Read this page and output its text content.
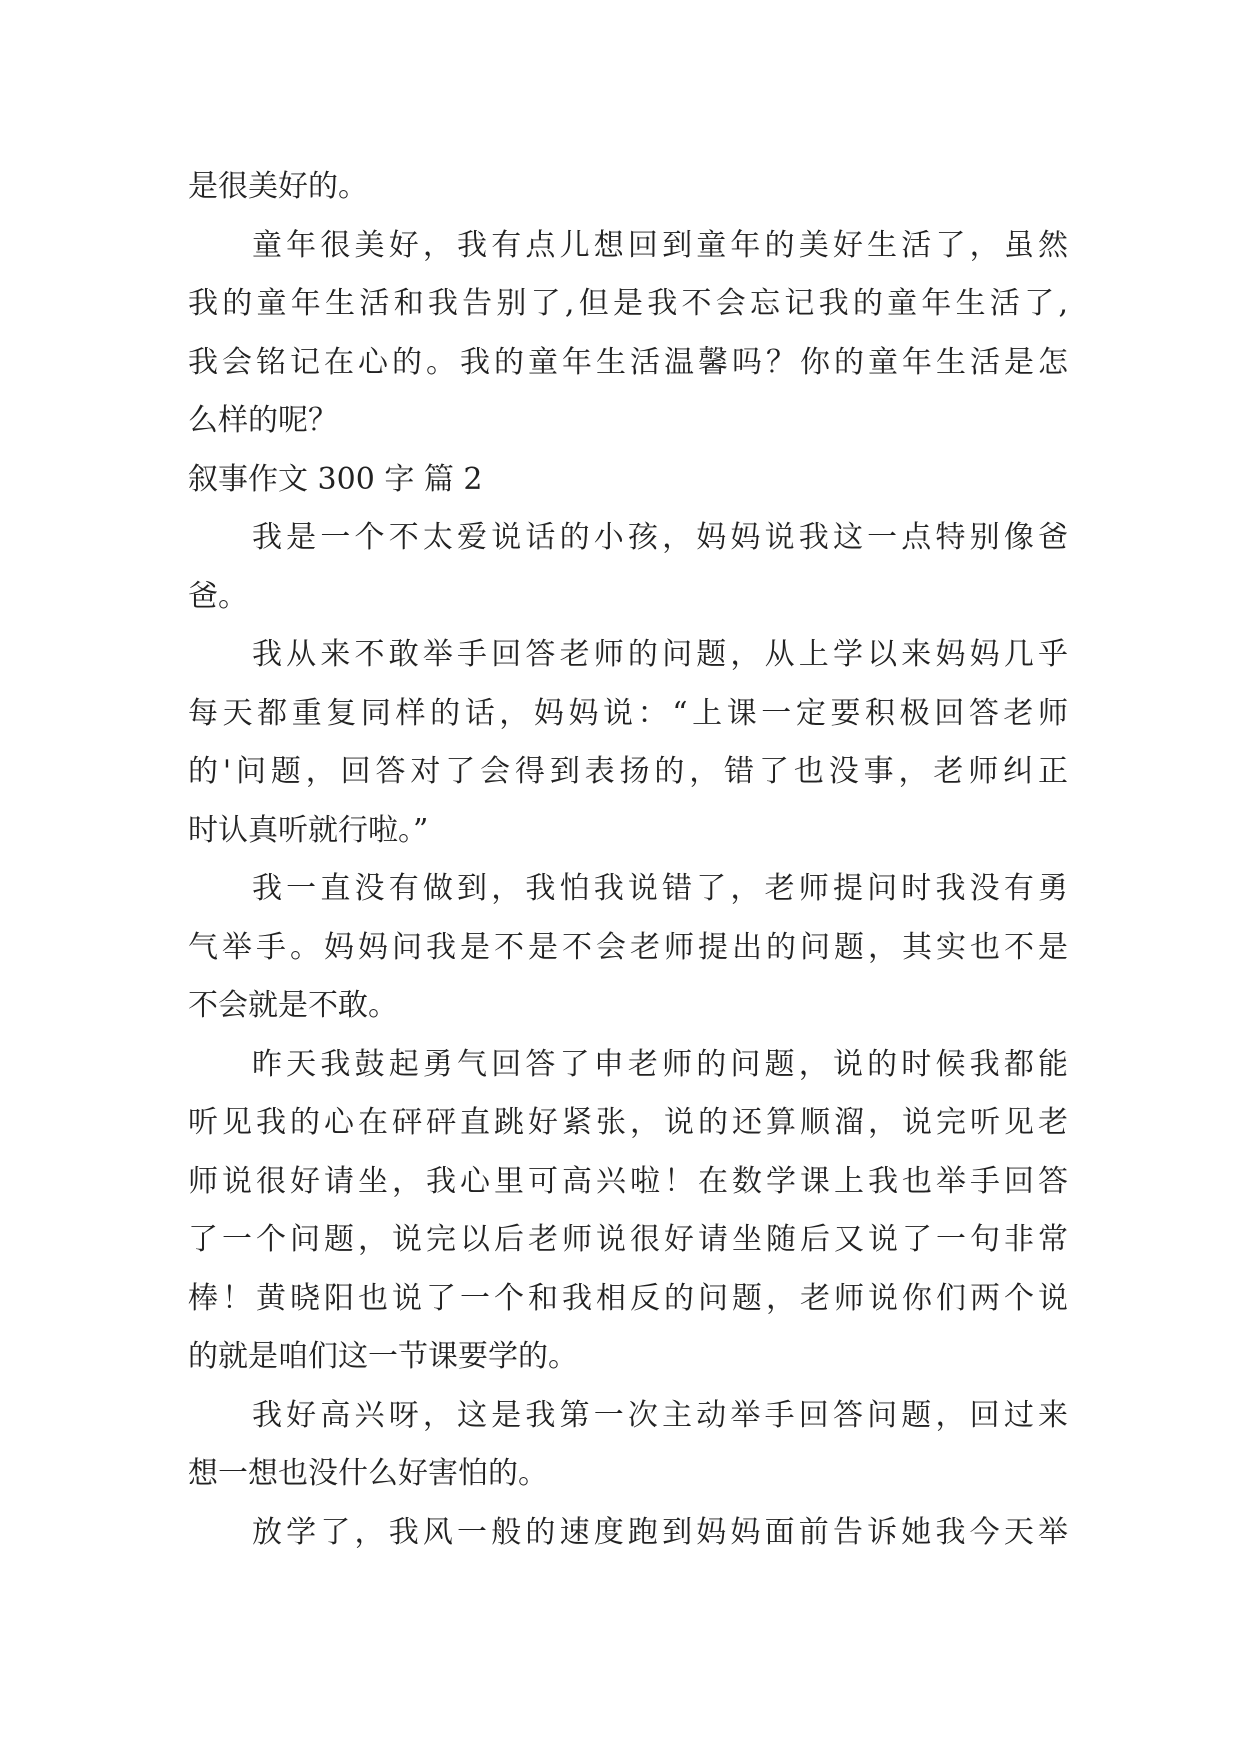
是很美好的。
童年很美好，我有点儿想回到童年的美好生活了，虽然
我的童年生活和我告别了,但是我不会忘记我的童年生活了,
我会铭记在心的。我的童年生活温馨吗？你的童年生活是怎
么样的呢？
叙事作文 300 字 篇 2
我是一个不太爱说话的小孩，妈妈说我这一点特别像爸
爸。
我从来不敢举手回答老师的问题，从上学以来妈妈几乎
每天都重复同样的话，妈妈说：“上课一定要积极回答老师
的'问题，回答对了会得到表扬的，错了也没事，老师纠正
时认真听就行啦。”
我一直没有做到，我怕我说错了，老师提问时我没有勇
气举手。妈妈问我是不是不会老师提出的问题，其实也不是
不会就是不敢。
昨天我鼓起勇气回答了申老师的问题，说的时候我都能
听见我的心在砰砰直跳好紧张，说的还算顺溜，说完听见老
师说很好请坐，我心里可高兴啦！在数学课上我也举手回答
了一个问题，说完以后老师说很好请坐随后又说了一句非常
棒！黄晓阳也说了一个和我相反的问题，老师说你们两个说
的就是咱们这一节课要学的。
我好高兴呀，这是我第一次主动举手回答问题，回过来
想一想也没什么好害怕的。
放学了，我风一般的速度跑到妈妈面前告诉她我今天举
